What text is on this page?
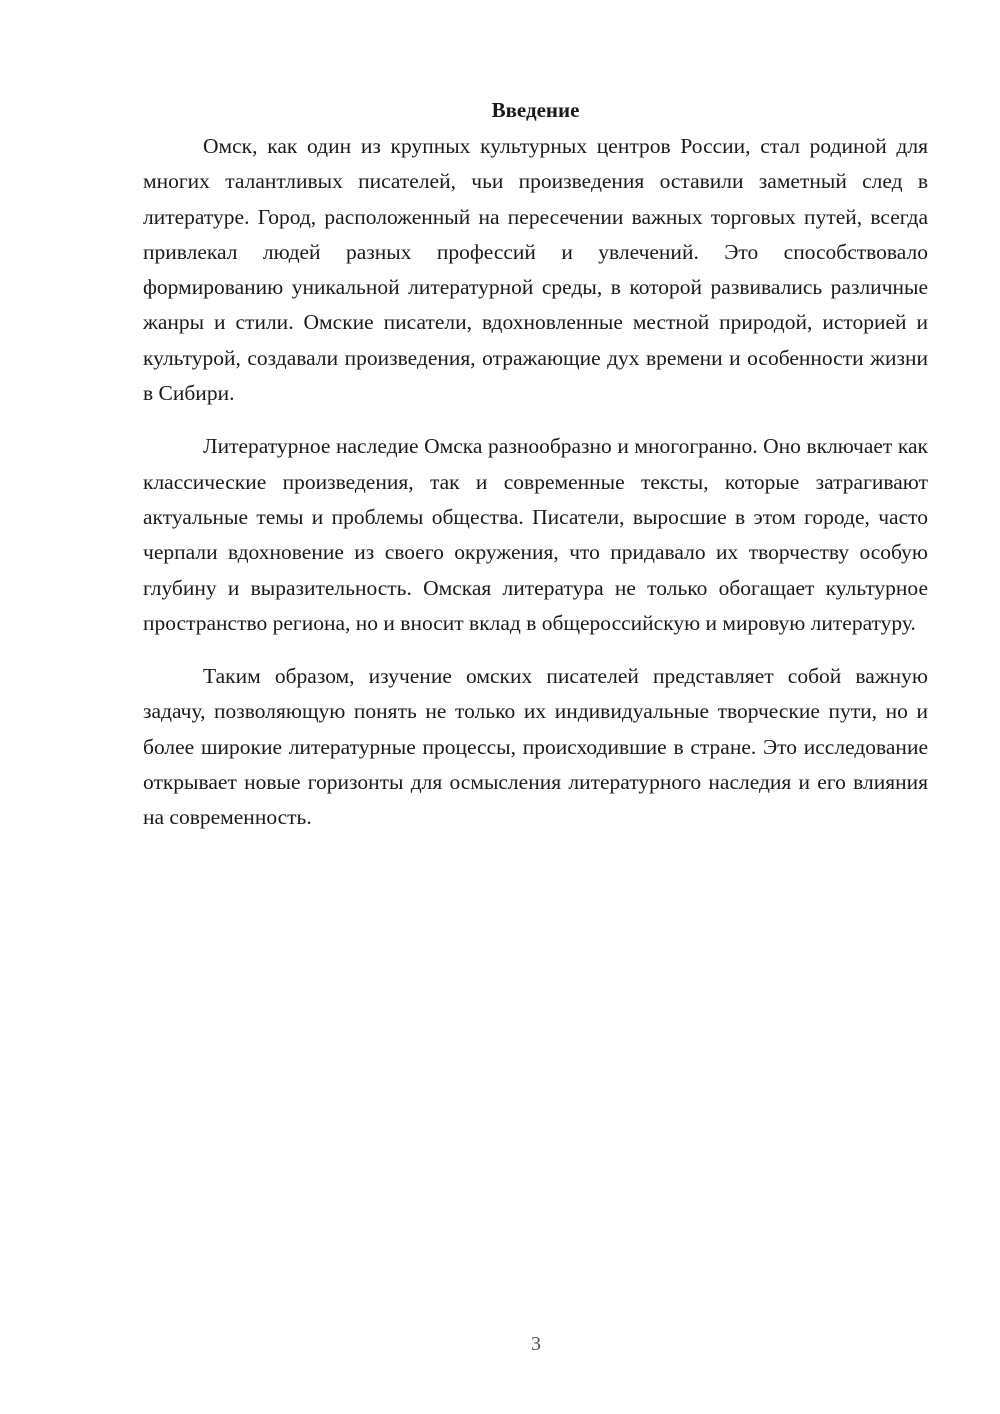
Введение

Омск, как один из крупных культурных центров России, стал родиной для многих талантливых писателей, чьи произведения оставили заметный след в литературе. Город, расположенный на пересечении важных торговых путей, всегда привлекал людей разных профессий и увлечений. Это способствовало формированию уникальной литературной среды, в которой развивались различные жанры и стили. Омские писатели, вдохновленные местной природой, историей и культурой, создавали произведения, отражающие дух времени и особенности жизни в Сибири.

Литературное наследие Омска разнообразно и многогранно. Оно включает как классические произведения, так и современные тексты, которые затрагивают актуальные темы и проблемы общества. Писатели, выросшие в этом городе, часто черпали вдохновение из своего окружения, что придавало их творчеству особую глубину и выразительность. Омская литература не только обогащает культурное пространство региона, но и вносит вклад в общероссийскую и мировую литературу.

Таким образом, изучение омских писателей представляет собой важную задачу, позволяющую понять не только их индивидуальные творческие пути, но и более широкие литературные процессы, происходившие в стране. Это исследование открывает новые горизонты для осмысления литературного наследия и его влияния на современность.

3
